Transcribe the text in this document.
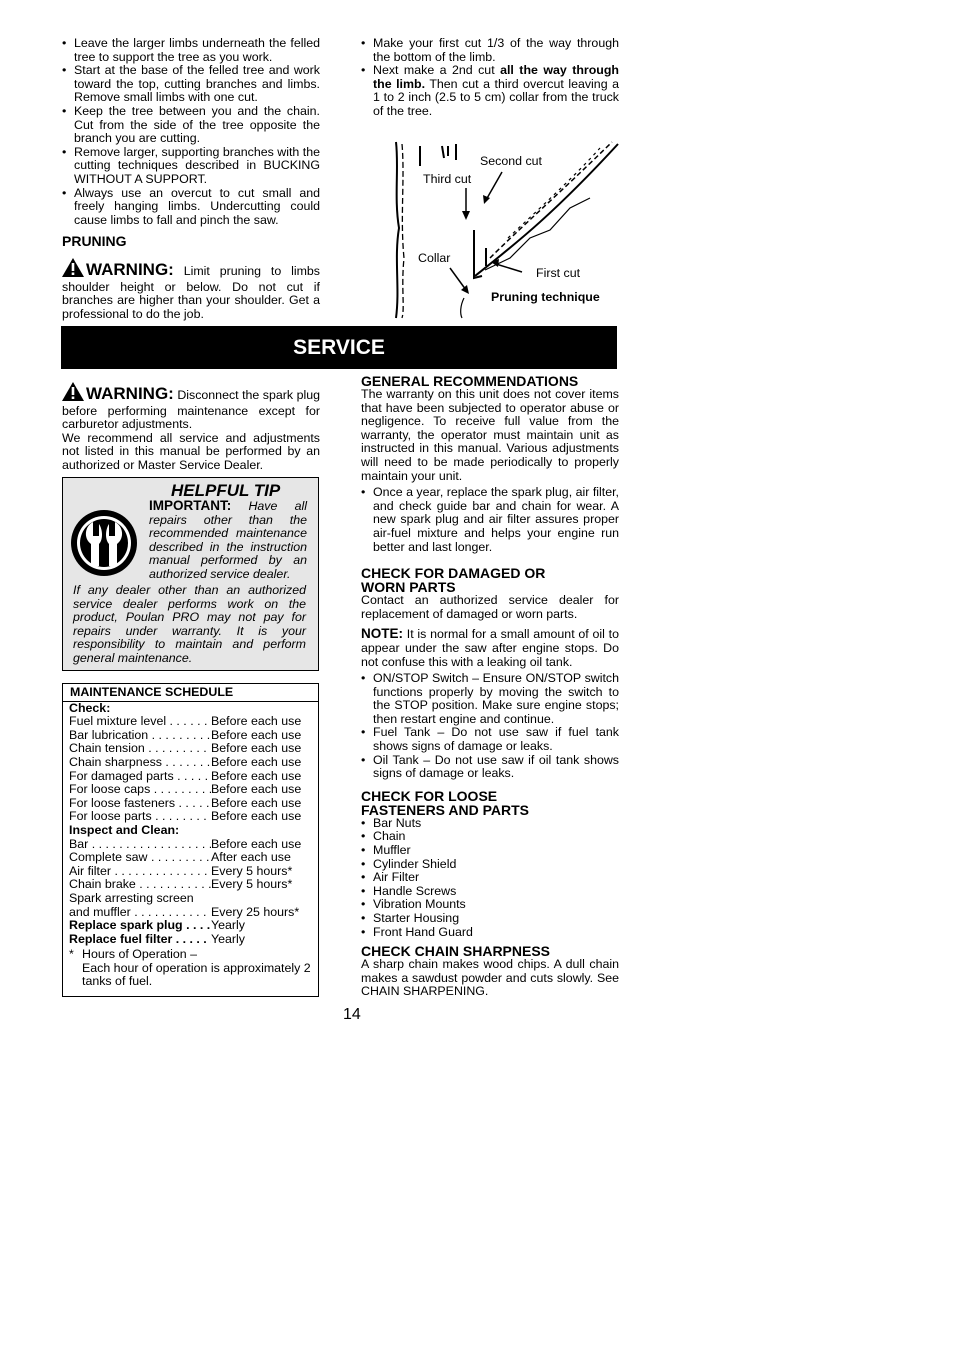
• Leave the larger limbs underneath the felled tree to support the tree as you work.
• Start at the base of the felled tree and work toward the top, cutting branches and limbs. Remove small limbs with one cut.
• Keep the tree between you and the chain. Cut from the side of the tree opposite the branch you are cutting.
• Remove larger, supporting branches with the cutting techniques described in BUCKING WITHOUT A SUPPORT.
• Always use an overcut to cut small and freely hanging limbs. Undercutting could cause limbs to fall and pinch the saw.
PRUNING
WARNING: Limit pruning to limbs shoulder height or below. Do not cut if branches are higher than your shoulder. Get a professional to do the job.
• Make your first cut 1/3 of the way through the bottom of the limb.
• Next make a 2nd cut all the way through the limb. Then cut a third overcut leaving a 1 to 2 inch (2.5 to 5 cm) collar from the truck of the tree.
Second cut
Third cut
Collar
First cut
Pruning technique
SERVICE
WARNING: Disconnect the spark plug before performing maintenance except for carburetor adjustments.
We recommend all service and adjustments not listed in this manual be performed by an authorized or Master Service Dealer.
HELPFUL TIP
IMPORTANT: Have all repairs other than the recommended maintenance described in the instruction manual performed by an authorized service dealer.
If any dealer other than an authorized service dealer performs work on the product, Poulan PRO may not pay for repairs under warranty. It is your responsibility to maintain and perform general maintenance.
MAINTENANCE SCHEDULE
Check:
Fuel mixture level . . .	Before each use
Bar lubrication . . .	Before each use
Chain tension . . .	Before each use
Chain sharpness . . .	Before each use
For damaged parts . . .	Before each use
For loose caps . . .	Before each use
For loose fasteners . . .	Before each use
For loose parts . . .	Before each use
Inspect and Clean:
Bar . . .	Before each use
Complete saw . . .	After each use
Air filter . . .	Every 5 hours*
Chain brake . . .	Every 5 hours*
Spark arresting screen
and muffler . . .	Every 25 hours*
Replace spark plug . . .	Yearly
Replace fuel filter . . .	Yearly
* Hours of Operation –
Each hour of operation is approximately 2 tanks of fuel.
GENERAL RECOMMENDATIONS
The warranty on this unit does not cover items that have been subjected to operator abuse or negligence. To receive full value from the warranty, the operator must maintain unit as instructed in this manual. Various adjustments will need to be made periodically to properly maintain your unit.
• Once a year, replace the spark plug, air filter, and check guide bar and chain for wear. A new spark plug and air filter assures proper air-fuel mixture and helps your engine run better and last longer.
CHECK FOR DAMAGED OR
WORN PARTS
Contact an authorized service dealer for replacement of damaged or worn parts.
NOTE: It is normal for a small amount of oil to appear under the saw after engine stops. Do not confuse this with a leaking oil tank.
• ON/STOP Switch – Ensure ON/STOP switch functions properly by moving the switch to the STOP position. Make sure engine stops; then restart engine and continue.
• Fuel Tank – Do not use saw if fuel tank shows signs of damage or leaks.
• Oil Tank – Do not use saw if oil tank shows signs of damage or leaks.
CHECK FOR LOOSE
FASTENERS AND PARTS
• Bar Nuts
• Chain
• Muffler
• Cylinder Shield
• Air Filter
• Handle Screws
• Vibration Mounts
• Starter Housing
• Front Hand Guard
CHECK CHAIN SHARPNESS
A sharp chain makes wood chips. A dull chain makes a sawdust powder and cuts slowly. See CHAIN SHARPENING.
14
